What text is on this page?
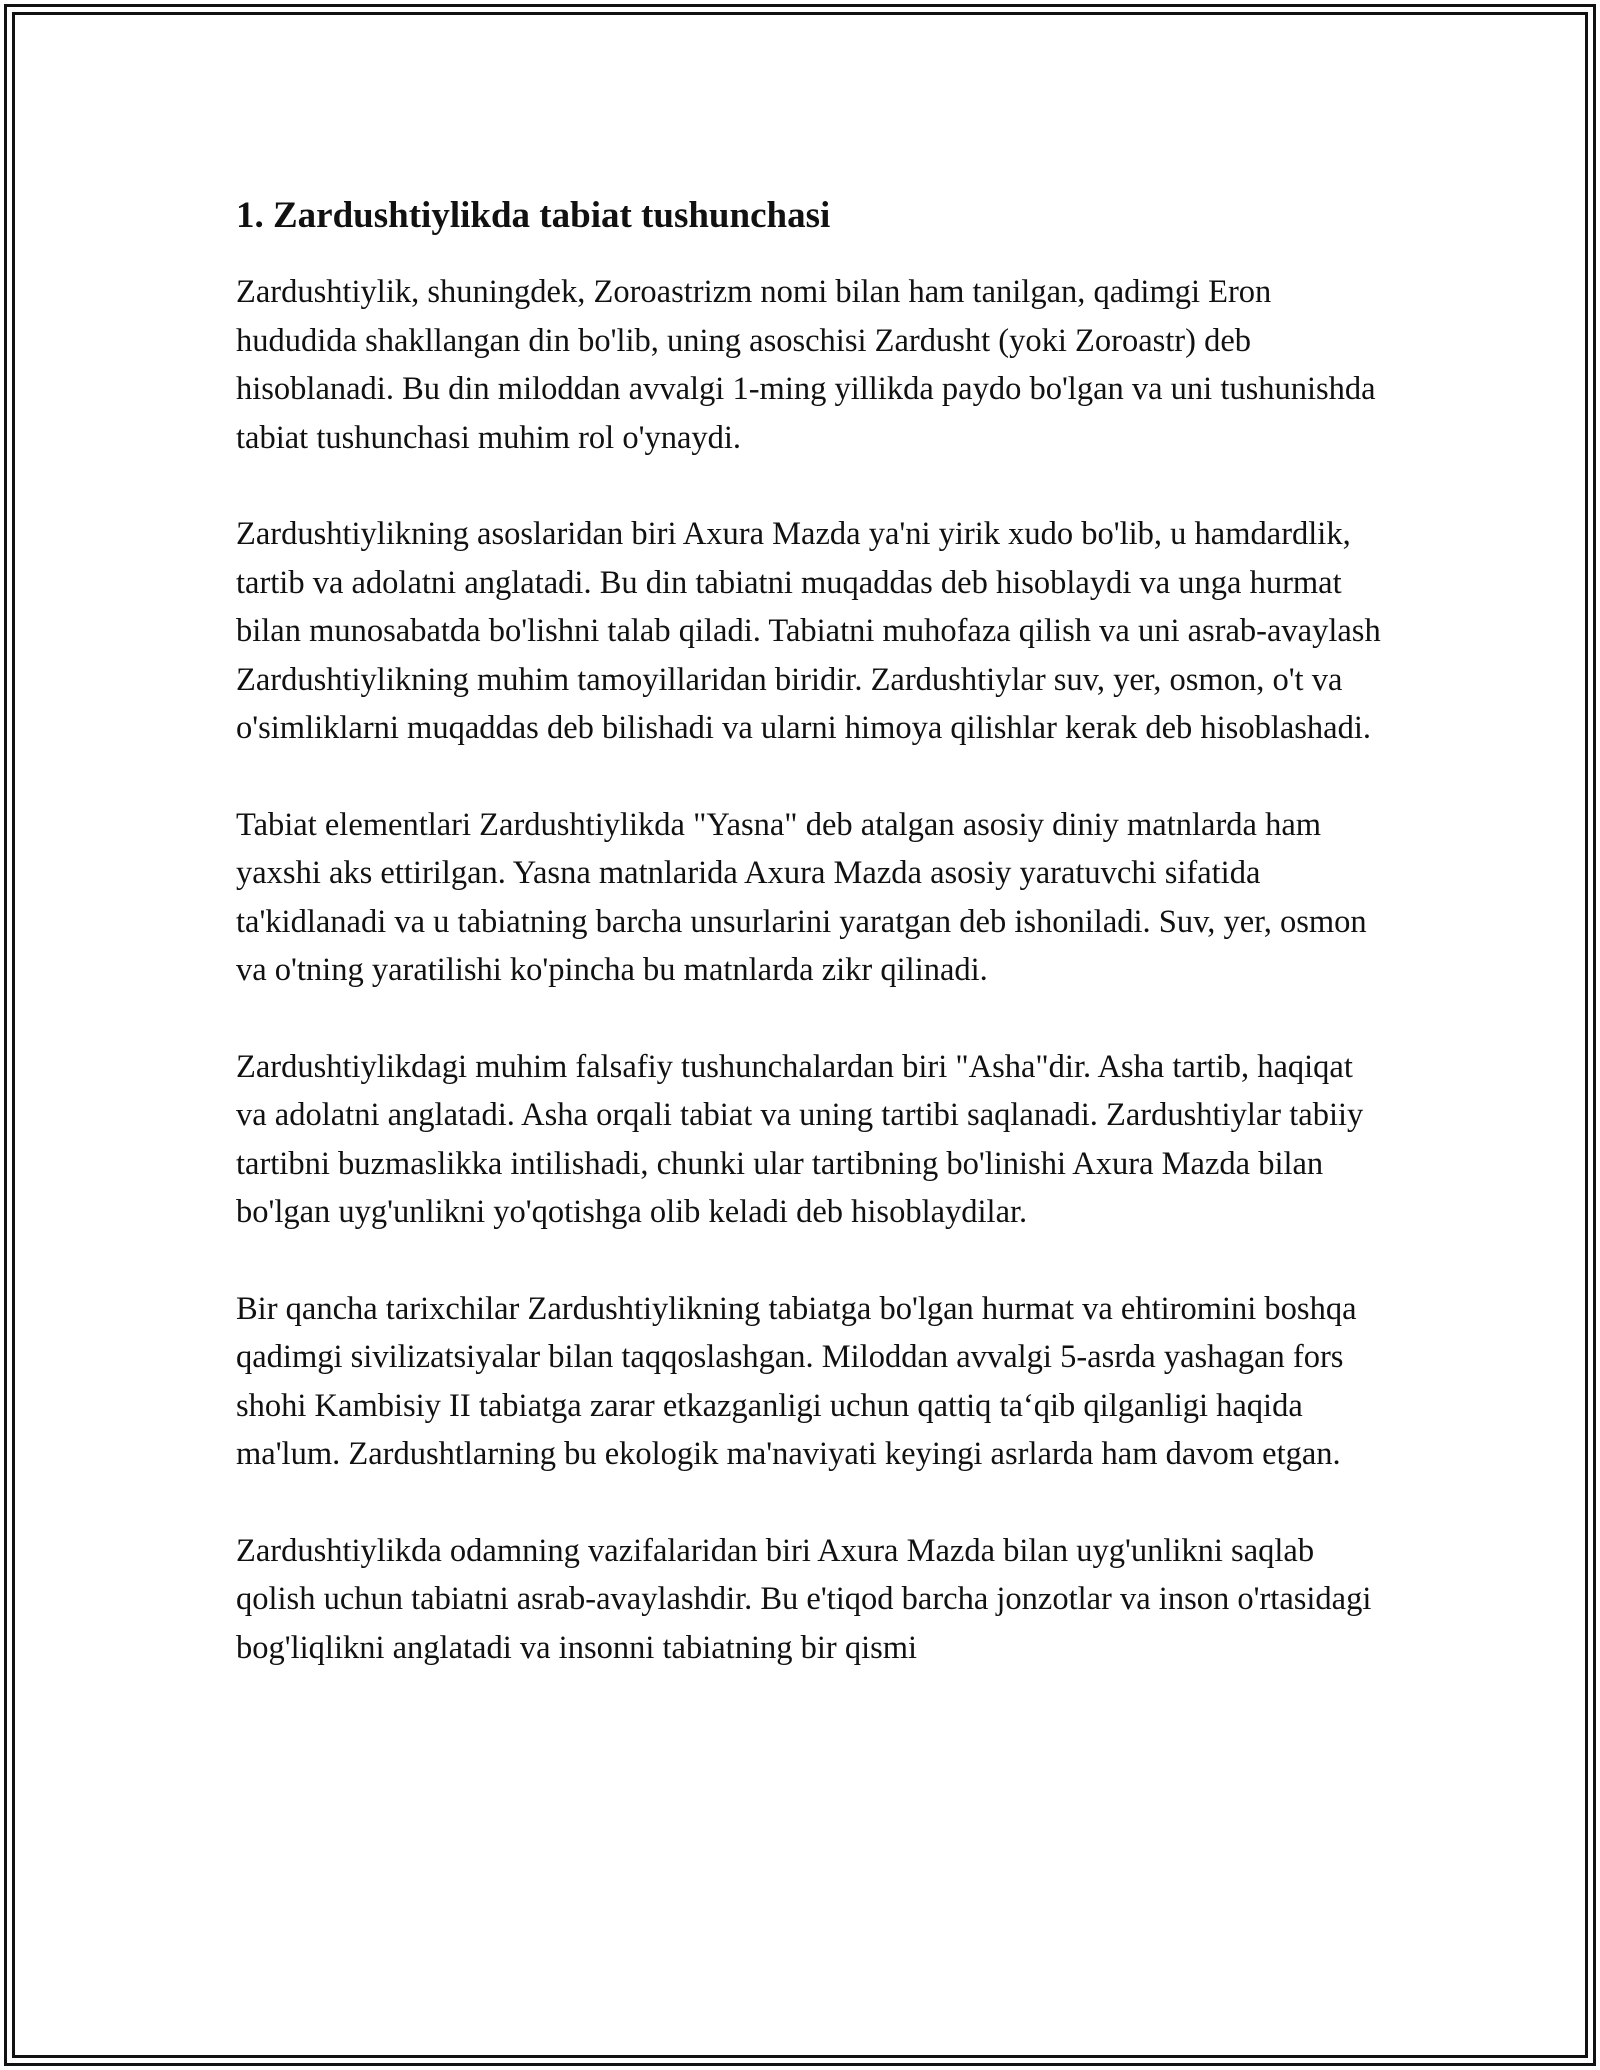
1. Zardushtiylikda tabiat tushunchasi

Zardushtiylik, shuningdek, Zoroastrizm nomi bilan ham tanilgan, qadimgi Eron hududida shakllangan din bo'lib, uning asoschisi Zardusht (yoki Zoroastr) deb hisoblanadi. Bu din miloddan avvalgi 1-ming yillikda paydo bo'lgan va uni tushunishda tabiat tushunchasi muhim rol o'ynaydi.

Zardushtiylikning asoslaridan biri Axura Mazda ya'ni yirik xudo bo'lib, u hamdardlik, tartib va adolatni anglatadi. Bu din tabiatni muqaddas deb hisoblaydi va unga hurmat bilan munosabatda bo'lishni talab qiladi. Tabiatni muhofaza qilish va uni asrab-avaylash Zardushtiylikning muhim tamoyillaridan biridir. Zardushtiylar suv, yer, osmon, o't va o'simliklarni muqaddas deb bilishadi va ularni himoya qilishlar kerak deb hisoblashadi.

Tabiat elementlari Zardushtiylikda "Yasna" deb atalgan asosiy diniy matnlarda ham yaxshi aks ettirilgan. Yasna matnlarida Axura Mazda asosiy yaratuvchi sifatida ta'kidlanadi va u tabiatning barcha unsurlarini yaratgan deb ishoniladi. Suv, yer, osmon va o'tning yaratilishi ko'pincha bu matnlarda zikr qilinadi.

Zardushtiylikdagi muhim falsafiy tushunchalardan biri "Asha"dir. Asha tartib, haqiqat va adolatni anglatadi. Asha orqali tabiat va uning tartibi saqlanadi. Zardushtiylar tabiiy tartibni buzmaslikka intilishadi, chunki ular tartibning bo'linishi Axura Mazda bilan bo'lgan uyg'unlikni yo'qotishga olib keladi deb hisoblaydilar.

Bir qancha tarixchilar Zardushtiylikning tabiatga bo'lgan hurmat va ehtiromini boshqa qadimgi sivilizatsiyalar bilan taqqoslashgan. Miloddan avvalgi 5-asrda yashagan fors shohi Kambisiy II tabiatga zarar etkazganligi uchun qattiq taʻqib qilganligi haqida ma'lum. Zardushtlarning bu ekologik ma'naviyati keyingi asrlarda ham davom etgan.

Zardushtiylikda odamning vazifalaridan biri Axura Mazda bilan uyg'unlikni saqlab qolish uchun tabiatni asrab-avaylashdir. Bu e'tiqod barcha jonzotlar va inson o'rtasidagi bog'liqlikni anglatadi va insonni tabiatning bir qismi
